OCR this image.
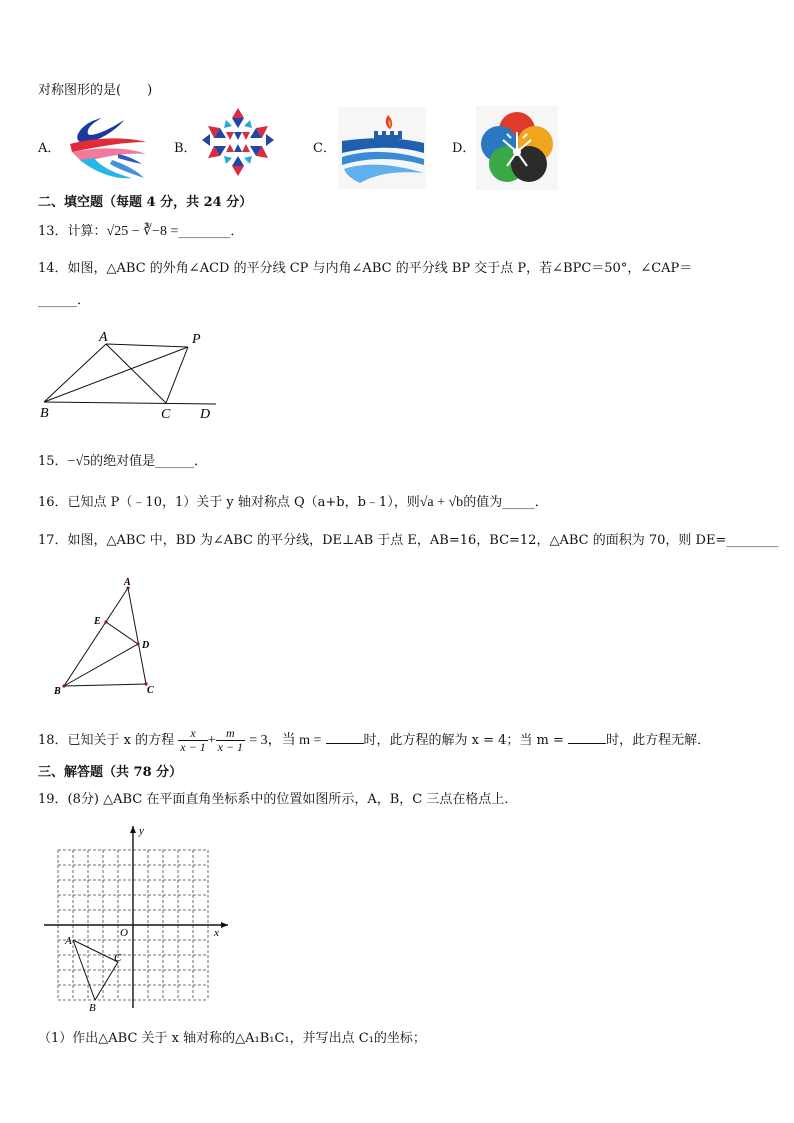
对称图形的是(　　)
A．	B．	C．	D．
二、填空题（每题 4 分，共 24 分）
13．计算：√25 − ∛−8 =________．
14．如图，△ABC 的外角∠ACD 的平分线 CP 与内角∠ABC 的平分线 BP 交于点 P，若∠BPC＝50°，∠CAP＝
______．
A	P
B	C D
15．−√5的绝对值是______．
16．已知点 P（﹣10，1）关于 y 轴对称点 Q（a+b，b﹣1），则√a + √b的值为_____．
17．如图，△ABC 中，BD 为∠ABC 的平分线，DE⊥AB 于点 E，AB=16，BC=12，△ABC 的面积为 70，则 DE=________
A
E
D
B	C
18．已知关于 x 的方程 $\frac{x}{x - 1} + \frac{m}{x - 1} = 3$，当 m =	时，此方程的解为 x = 4；当 m =	时，此方程无解．
三、解答题（共 78 分）
19．(8分) △ABC 在平面直角坐标系中的位置如图所示，A，B，C 三点在格点上．
y
x
O
A
B
C
（1）作出△ABC 关于 x 轴对称的△A₁B₁C₁，并写出点 C₁的坐标；
